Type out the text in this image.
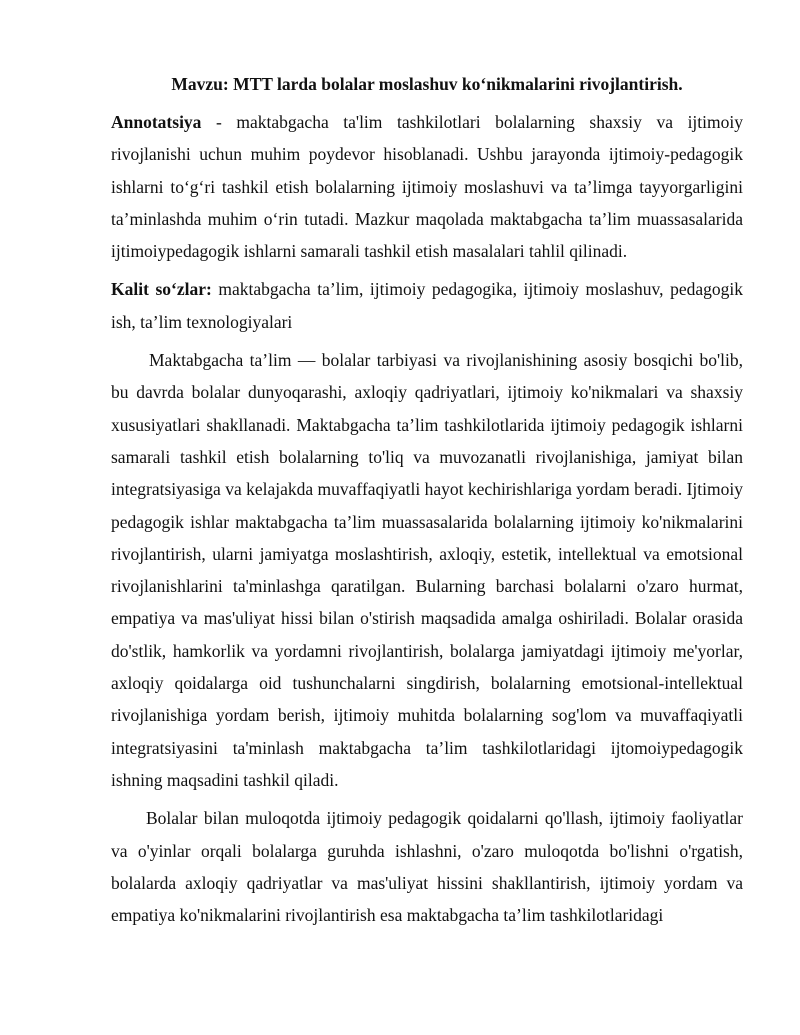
Mavzu: MTT larda bolalar moslashuv ko‘nikmalarini rivojlantirish.

Annotatsiya - maktabgacha ta'lim tashkilotlari bolalarning shaxsiy va ijtimoiy rivojlanishi uchun muhim poydevor hisoblanadi. Ushbu jarayonda ijtimoiy-pedagogik ishlarni to‘g‘ri tashkil etish bolalarning ijtimoiy moslashuvi va ta’limga tayyorgarligini ta’minlashda muhim o‘rin tutadi. Mazkur maqolada maktabgacha ta’lim muassasalarida ijtimoiypedagogik ishlarni samarali tashkil etish masalalari tahlil qilinadi.

Kalit so‘zlar: maktabgacha ta’lim, ijtimoiy pedagogika, ijtimoiy moslashuv, pedagogik ish, ta’lim texnologiyalari

Maktabgacha ta’lim — bolalar tarbiyasi va rivojlanishining asosiy bosqichi bo'lib, bu davrda bolalar dunyoqarashi, axloqiy qadriyatlari, ijtimoiy ko'nikmalari va shaxsiy xususiyatlari shakllanadi. Maktabgacha ta’lim tashkilotlarida ijtimoiy pedagogik ishlarni samarali tashkil etish bolalarning to'liq va muvozanatli rivojlanishiga, jamiyat bilan integratsiyasiga va kelajakda muvaffaqiyatli hayot kechirishlariga yordam beradi. Ijtimoiy pedagogik ishlar maktabgacha ta’lim muassasalarida bolalarning ijtimoiy ko'nikmalarini rivojlantirish, ularni jamiyatga moslashtirish, axloqiy, estetik, intellektual va emotsional rivojlanishlarini ta'minlashga qaratilgan. Bularning barchasi bolalarni o'zaro hurmat, empatiya va mas'uliyat hissi bilan o'stirish maqsadida amalga oshiriladi. Bolalar orasida do'stlik, hamkorlik va yordamni rivojlantirish, bolalarga jamiyatdagi ijtimoiy me'yorlar, axloqiy qoidalarga oid tushunchalarni singdirish, bolalarning emotsional-intellektual rivojlanishiga yordam berish, ijtimoiy muhitda bolalarning sog'lom va muvaffaqiyatli integratsiyasini ta'minlash maktabgacha ta’lim tashkilotlaridagi ijtomoiypedagogik ishning maqsadini tashkil qiladi.

Bolalar bilan muloqotda ijtimoiy pedagogik qoidalarni qo'llash, ijtimoiy faoliyatlar va o'yinlar orqali bolalarga guruhda ishlashni, o'zaro muloqotda bo'lishni o'rgatish, bolalarda axloqiy qadriyatlar va mas'uliyat hissini shakllantirish, ijtimoiy yordam va empatiya ko'nikmalarini rivojlantirish esa maktabgacha ta’lim tashkilotlaridagi
